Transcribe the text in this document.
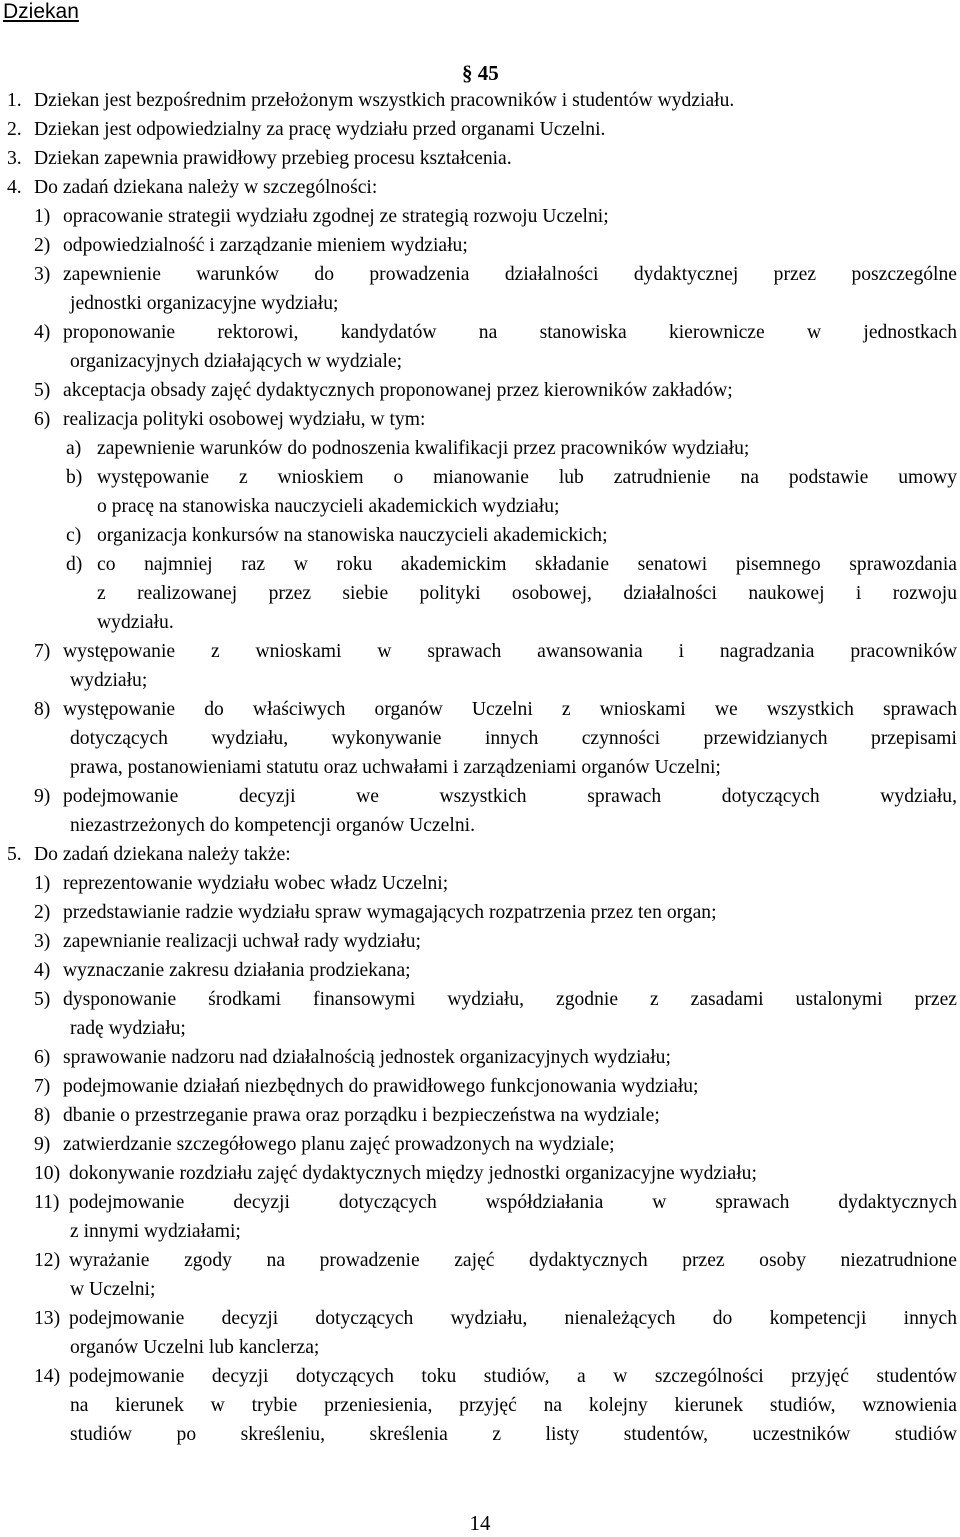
Dziekan
§ 45
1. Dziekan jest bezpośrednim przełożonym wszystkich pracowników i studentów wydziału.
2. Dziekan jest odpowiedzialny za pracę wydziału przed organami Uczelni.
3. Dziekan zapewnia prawidłowy przebieg procesu kształcenia.
4. Do zadań dziekana należy w szczególności:
1) opracowanie strategii wydziału zgodnej ze strategią rozwoju Uczelni;
2) odpowiedzialność i zarządzanie mieniem wydziału;
3) zapewnienie warunków do prowadzenia działalności dydaktycznej przez poszczególne
jednostki organizacyjne wydziału;
4) proponowanie rektorowi, kandydatów na stanowiska kierownicze w jednostkach
organizacyjnych działających w wydziale;
5) akceptacja obsady zajęć dydaktycznych proponowanej przez kierowników zakładów;
6) realizacja polityki osobowej wydziału, w tym:
a) zapewnienie warunków do podnoszenia kwalifikacji przez pracowników wydziału;
b) występowanie z wnioskiem o mianowanie lub zatrudnienie na podstawie umowy
o pracę na stanowiska nauczycieli akademickich wydziału;
c) organizacja konkursów na stanowiska nauczycieli akademickich;
d) co najmniej raz w roku akademickim składanie senatowi pisemnego sprawozdania
z realizowanej przez siebie polityki osobowej, działalności naukowej i rozwoju
wydziału.
7) występowanie z wnioskami w sprawach awansowania i nagradzania pracowników
wydziału;
8) występowanie do właściwych organów Uczelni z wnioskami we wszystkich sprawach
dotyczących wydziału, wykonywanie innych czynności przewidzianych przepisami
prawa, postanowieniami statutu oraz uchwałami i zarządzeniami organów Uczelni;
9) podejmowanie decyzji we wszystkich sprawach dotyczących wydziału,
niezastrzeżonych do kompetencji organów Uczelni.
5. Do zadań dziekana należy także:
1) reprezentowanie wydziału wobec władz Uczelni;
2) przedstawianie radzie wydziału spraw wymagających rozpatrzenia przez ten organ;
3) zapewnianie realizacji uchwał rady wydziału;
4) wyznaczanie zakresu działania prodziekana;
5) dysponowanie środkami finansowymi wydziału, zgodnie z zasadami ustalonymi przez
radę wydziału;
6) sprawowanie nadzoru nad działalnością jednostek organizacyjnych wydziału;
7) podejmowanie działań niezbędnych do prawidłowego funkcjonowania wydziału;
8) dbanie o przestrzeganie prawa oraz porządku i bezpieczeństwa na wydziale;
9) zatwierdzanie szczegółowego planu zajęć prowadzonych na wydziale;
10) dokonywanie rozdziału zajęć dydaktycznych między jednostki organizacyjne wydziału;
11) podejmowanie decyzji dotyczących współdziałania w sprawach dydaktycznych
z innymi wydziałami;
12) wyrażanie zgody na prowadzenie zajęć dydaktycznych przez osoby niezatrudnione
w Uczelni;
13) podejmowanie decyzji dotyczących wydziału, nienależących do kompetencji innych
organów Uczelni lub kanclerza;
14) podejmowanie decyzji dotyczących toku studiów, a w szczególności przyjęć studentów
na kierunek w trybie przeniesienia, przyjęć na kolejny kierunek studiów, wznowienia
studiów po skreśleniu, skreślenia z listy studentów, uczestników studiów
14
